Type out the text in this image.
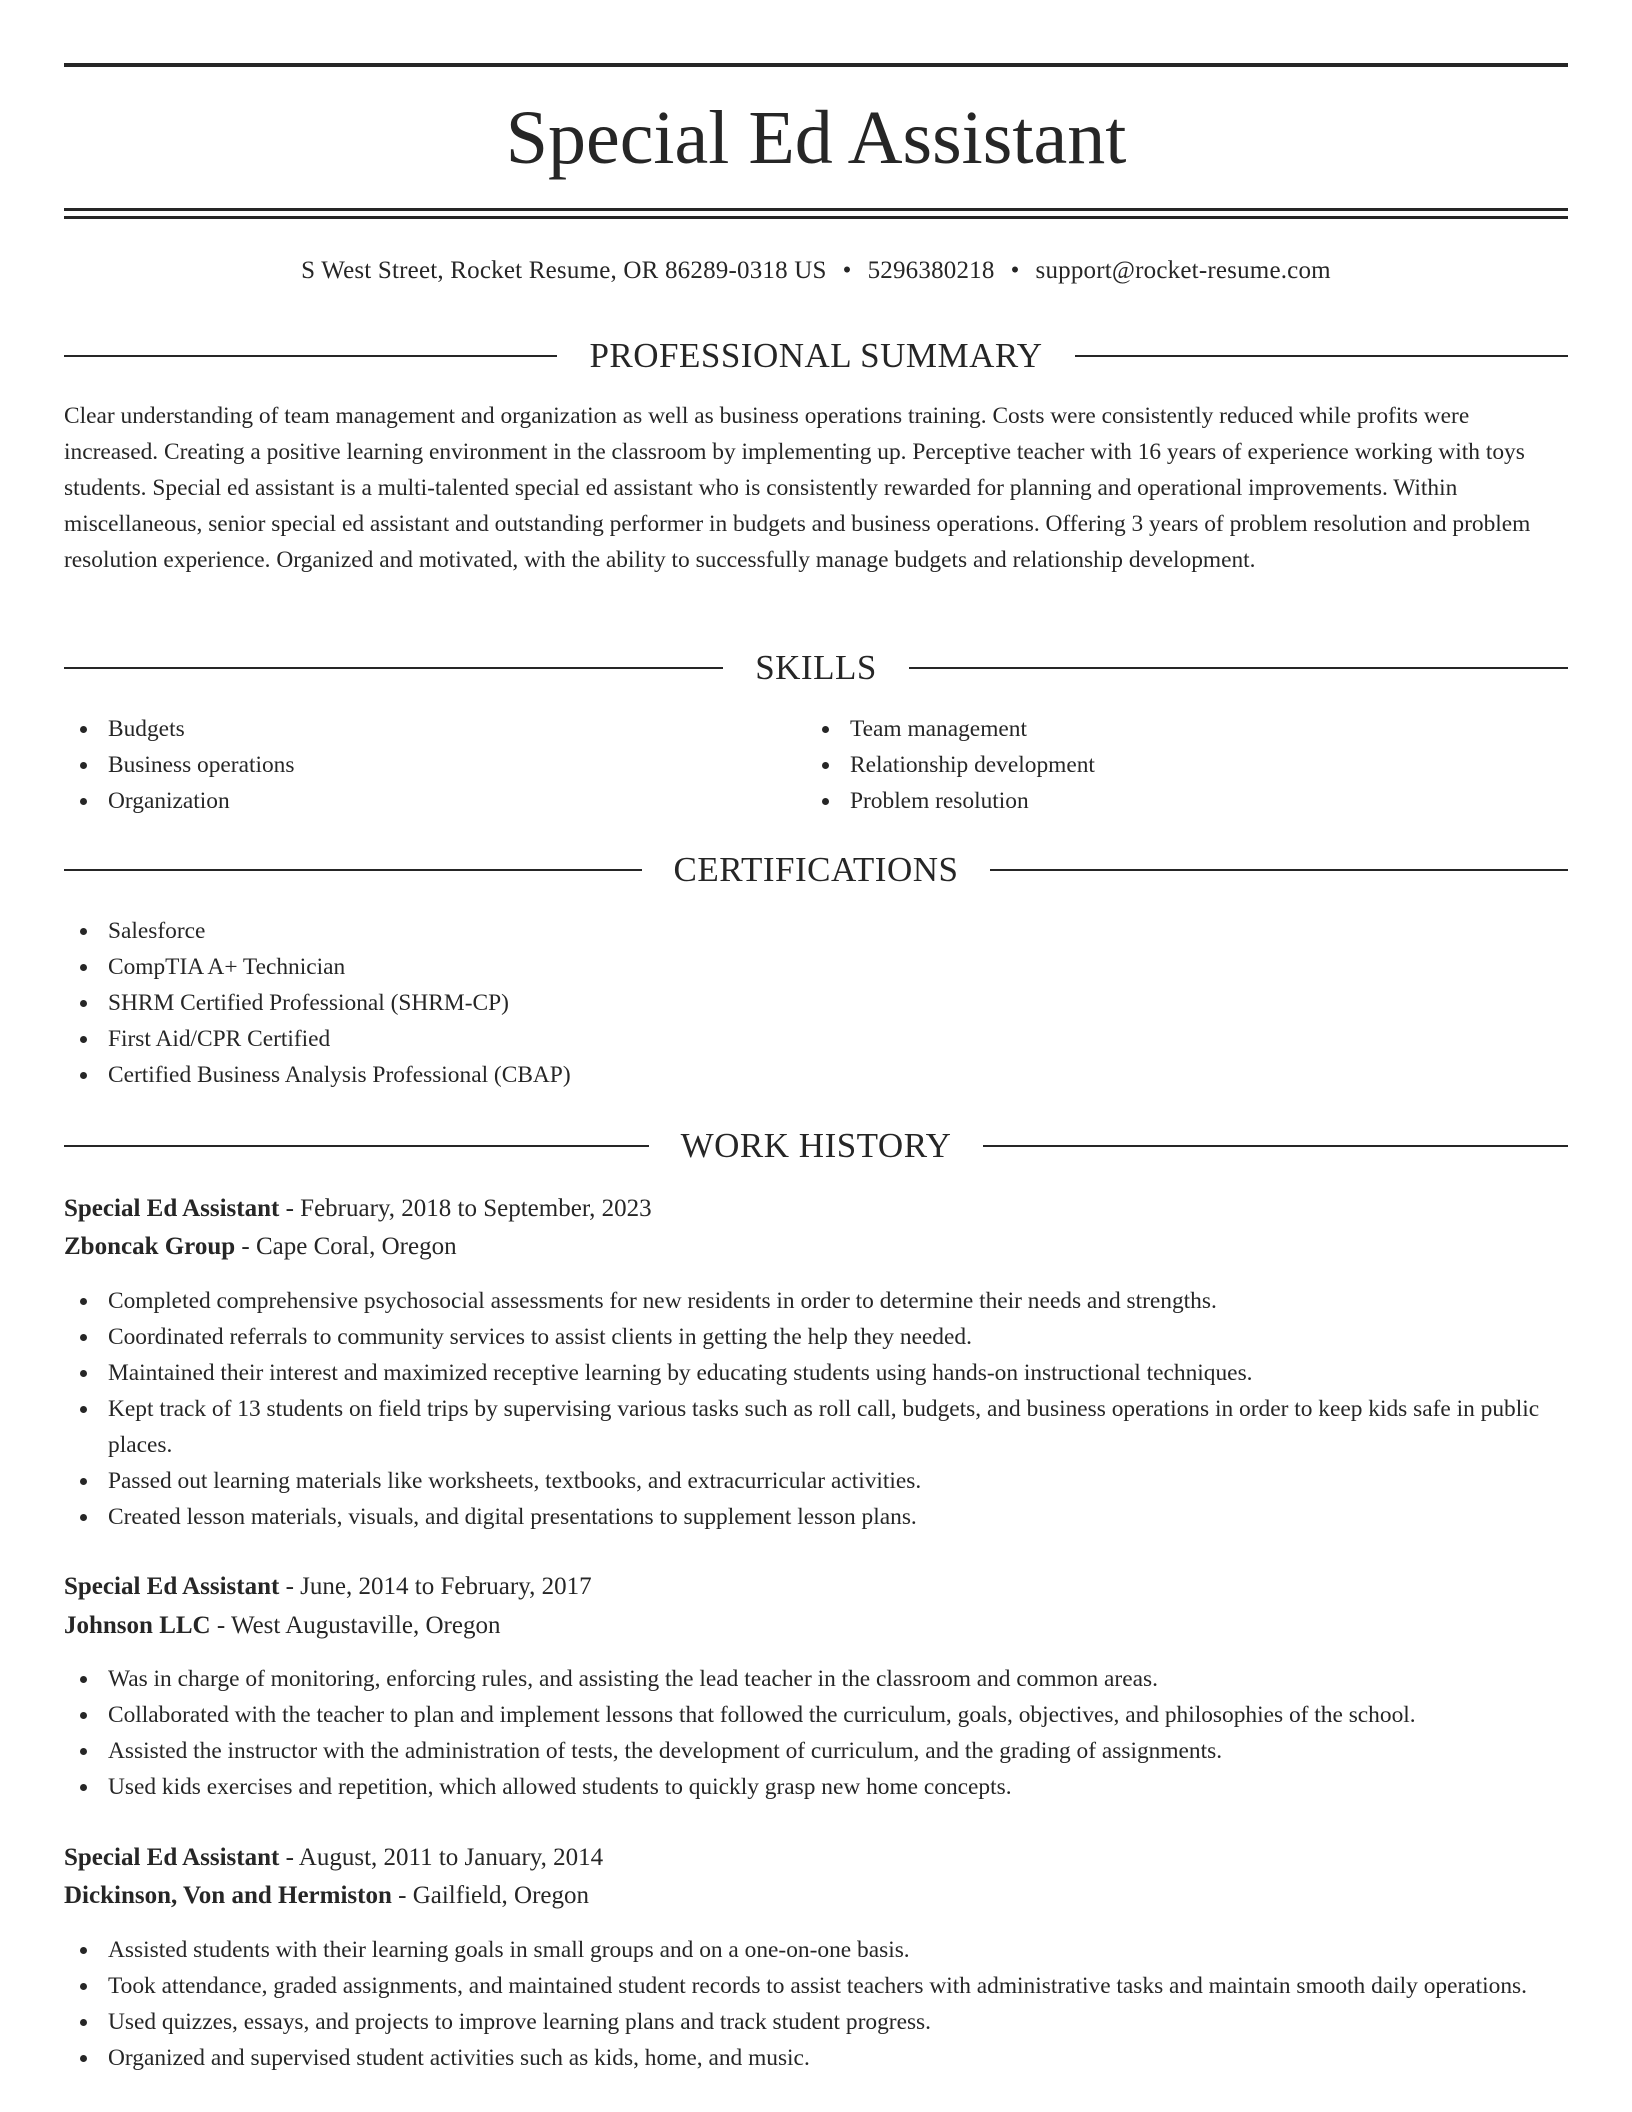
Special Ed Assistant
S West Street, Rocket Resume, OR 86289-0318 US • 5296380218 • support@rocket-resume.com
PROFESSIONAL SUMMARY

Clear understanding of team management and organization as well as business operations training. Costs were consistently reduced while profits were increased. Creating a positive learning environment in the classroom by implementing up. Perceptive teacher with 16 years of experience working with toys students. Special ed assistant is a multi-talented special ed assistant who is consistently rewarded for planning and operational improvements. Within miscellaneous, senior special ed assistant and outstanding performer in budgets and business operations. Offering 3 years of problem resolution and problem resolution experience. Organized and motivated, with the ability to successfully manage budgets and relationship development.

SKILLS
Budgets
Business operations
Organization
Team management
Relationship development
Problem resolution
CERTIFICATIONS
Salesforce
CompTIA A+ Technician
SHRM Certified Professional (SHRM-CP)
First Aid/CPR Certified
Certified Business Analysis Professional (CBAP)
WORK HISTORY

Special Ed Assistant - February, 2018 to September, 2023

Zboncak Group - Cape Coral, Oregon

Completed comprehensive psychosocial assessments for new residents in order to determine their needs and strengths.
Coordinated referrals to community services to assist clients in getting the help they needed.
Maintained their interest and maximized receptive learning by educating students using hands-on instructional techniques.
Kept track of 13 students on field trips by supervising various tasks such as roll call, budgets, and business operations in order to keep kids safe in public places.
Passed out learning materials like worksheets, textbooks, and extracurricular activities.
Created lesson materials, visuals, and digital presentations to supplement lesson plans.

Special Ed Assistant - June, 2014 to February, 2017

Johnson LLC - West Augustaville, Oregon

Was in charge of monitoring, enforcing rules, and assisting the lead teacher in the classroom and common areas.
Collaborated with the teacher to plan and implement lessons that followed the curriculum, goals, objectives, and philosophies of the school.
Assisted the instructor with the administration of tests, the development of curriculum, and the grading of assignments.
Used kids exercises and repetition, which allowed students to quickly grasp new home concepts.

Special Ed Assistant - August, 2011 to January, 2014

Dickinson, Von and Hermiston - Gailfield, Oregon

Assisted students with their learning goals in small groups and on a one-on-one basis.
Took attendance, graded assignments, and maintained student records to assist teachers with administrative tasks and maintain smooth daily operations.
Used quizzes, essays, and projects to improve learning plans and track student progress.
Organized and supervised student activities such as kids, home, and music.
